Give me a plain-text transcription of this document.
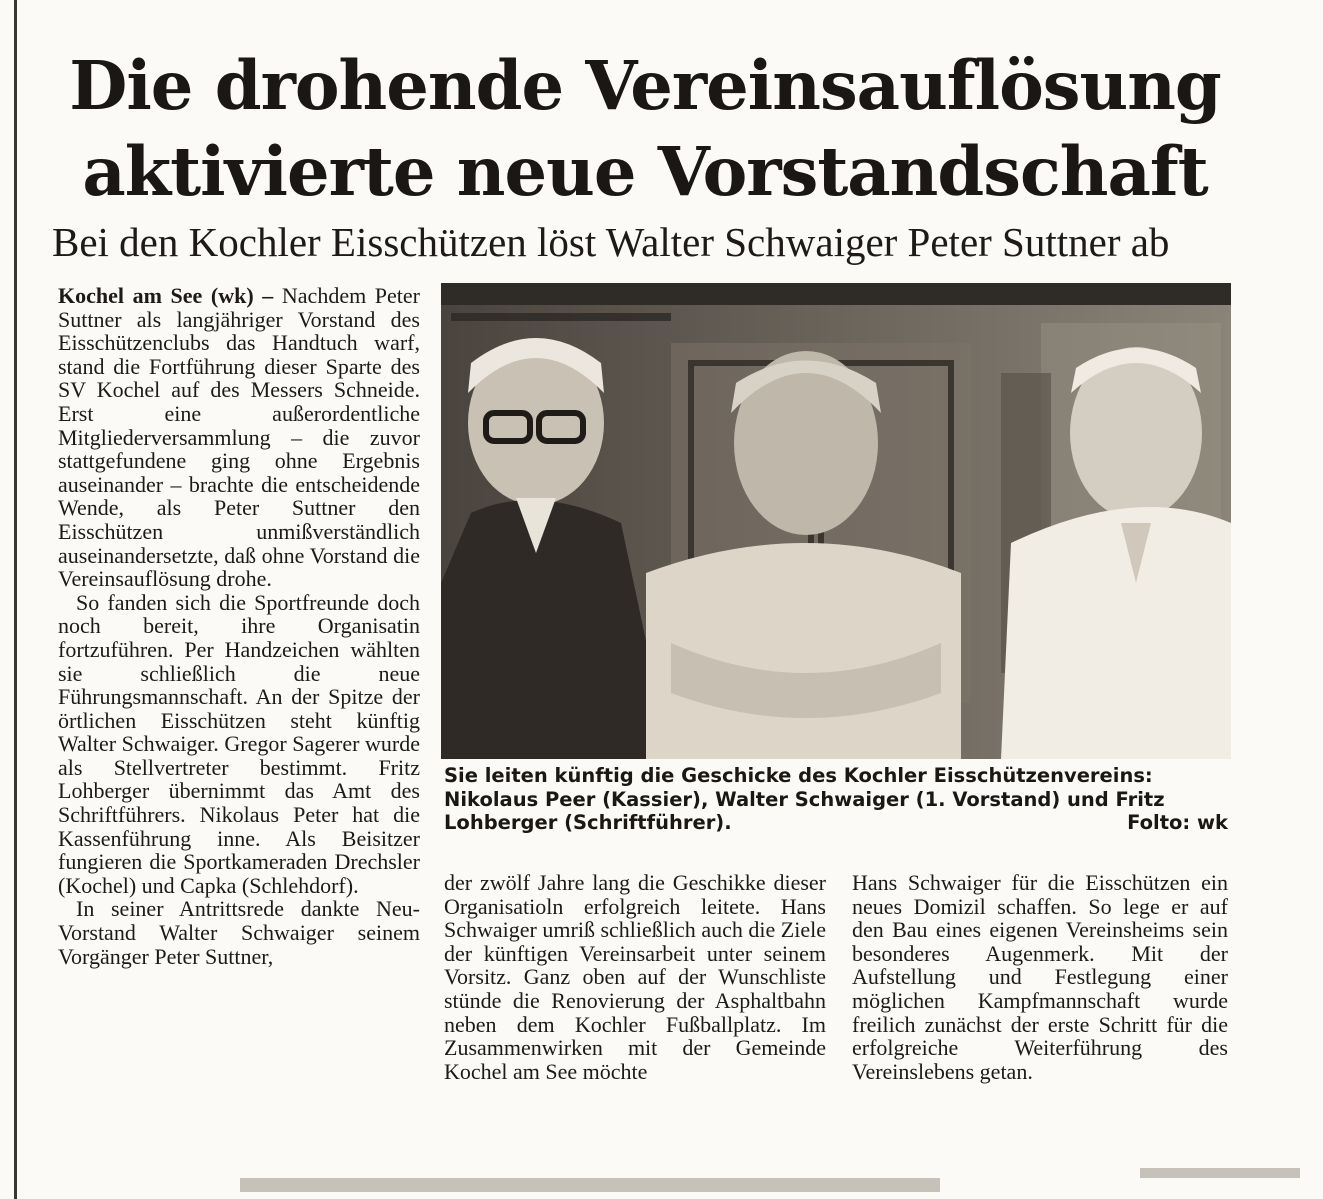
Die drohende Vereinsauflösung
aktivierte neue Vorstandschaft
Bei den Kochler Eisschützen löst Walter Schwaiger Peter Suttner ab

Kochel am See (wk) – Nachdem Peter Suttner als langjähriger Vorstand des Eisschützenclubs das Handtuch warf, stand die Fortführung dieser Sparte des SV Kochel auf des Messers Schneide. Erst eine außerordentliche Mitgliederversammlung – die zuvor stattgefundene ging ohne Ergebnis auseinander – brachte die entscheidende Wende, als Peter Suttner den Eisschützen unmißverständlich auseinandersetzte, daß ohne Vorstand die Vereinsauflösung drohe.

So fanden sich die Sportfreunde doch noch bereit, ihre Organisatin fortzuführen. Per Handzeichen wählten sie schließlich die neue Führungsmannschaft. An der Spitze der örtlichen Eisschützen steht künftig Walter Schwaiger. Gregor Sagerer wurde als Stellvertreter bestimmt. Fritz Lohberger übernimmt das Amt des Schriftführers. Nikolaus Peter hat die Kassenführung inne. Als Beisitzer fungieren die Sportkameraden Drechsler (Kochel) und Capka (Schlehdorf).

In seiner Antrittsrede dankte Neu-Vorstand Walter Schwaiger seinem Vorgänger Peter Suttner,

Sie leiten künftig die Geschicke des Kochler Eisschützenvereins:
Nikolaus Peer (Kassier), Walter Schwaiger (1. Vorstand) und Fritz
Lohberger (Schriftführer).	Folto: wk

der zwölf Jahre lang die Geschikke dieser Organisatioln erfolgreich leitete. Hans Schwaiger umriß schließlich auch die Ziele der künftigen Vereinsarbeit unter seinem Vorsitz. Ganz oben auf der Wunschliste stünde die Renovierung der Asphaltbahn neben dem Kochler Fußballplatz. Im Zusammenwirken mit der Gemeinde Kochel am See möchte

Hans Schwaiger für die Eisschützen ein neues Domizil schaffen. So lege er auf den Bau eines eigenen Vereinsheims sein besonderes Augenmerk. Mit der Aufstellung und Festlegung einer möglichen Kampfmannschaft wurde freilich zunächst der erste Schritt für die erfolgreiche Weiterführung des Vereinslebens getan.
